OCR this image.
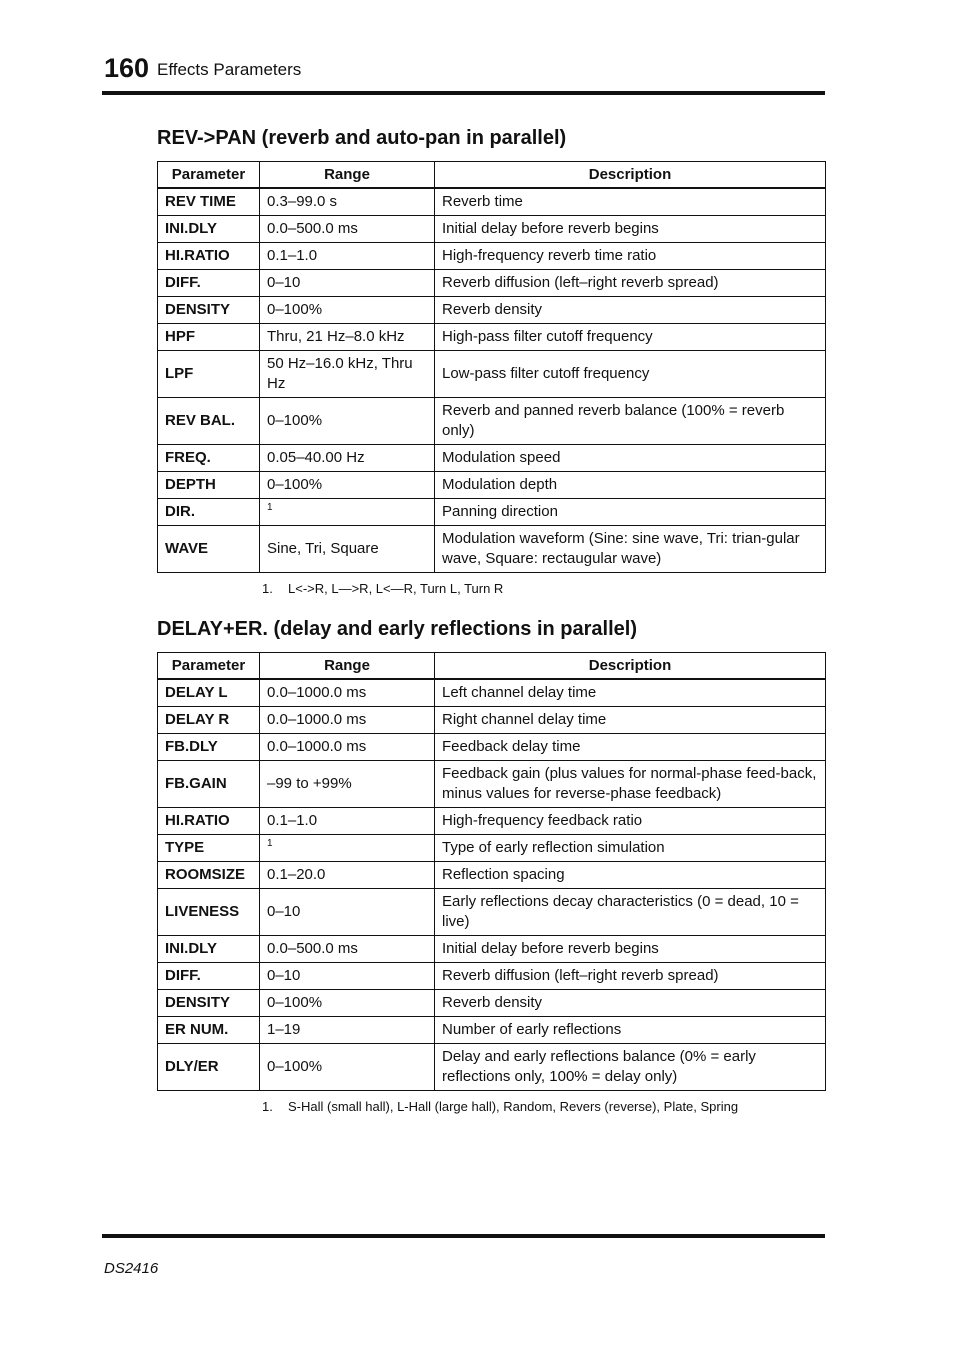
160 Effects Parameters
REV->PAN (reverb and auto-pan in parallel)
Parameter	Range	Description
REV TIME	0.3–99.0 s	Reverb time
INI.DLY	0.0–500.0 ms	Initial delay before reverb begins
HI.RATIO	0.1–1.0	High-frequency reverb time ratio
DIFF.	0–10	Reverb diffusion (left–right reverb spread)
DENSITY	0–100%	Reverb density
HPF	Thru, 21 Hz–8.0 kHz	High-pass filter cutoff frequency
LPF	50 Hz–16.0 kHz, Thru Hz	Low-pass filter cutoff frequency
REV BAL.	0–100%	Reverb and panned reverb balance (100% = reverb only)
FREQ.	0.05–40.00 Hz	Modulation speed
DEPTH	0–100%	Modulation depth
DIR.	$^1$	Panning direction
WAVE	Sine, Tri, Square	Modulation waveform (Sine: sine wave, Tri: trian-gular wave, Square: rectaugular wave)
1. L<->R, L—>R, L<—R, Turn L, Turn R
DELAY+ER. (delay and early reflections in parallel)
Parameter	Range	Description
DELAY L	0.0–1000.0 ms	Left channel delay time
DELAY R	0.0–1000.0 ms	Right channel delay time
FB.DLY	0.0–1000.0 ms	Feedback delay time
FB.GAIN	–99 to +99%	Feedback gain (plus values for normal-phase feed-back, minus values for reverse-phase feedback)
HI.RATIO	0.1–1.0	High-frequency feedback ratio
TYPE	$^1$	Type of early reflection simulation
ROOMSIZE	0.1–20.0	Reflection spacing
LIVENESS	0–10	Early reflections decay characteristics (0 = dead, 10 = live)
INI.DLY	0.0–500.0 ms	Initial delay before reverb begins
DIFF.	0–10	Reverb diffusion (left–right reverb spread)
DENSITY	0–100%	Reverb density
ER NUM.	1–19	Number of early reflections
DLY/ER	0–100%	Delay and early reflections balance (0% = early reflections only, 100% = delay only)
1. S-Hall (small hall), L-Hall (large hall), Random, Revers (reverse), Plate, Spring
DS2416
